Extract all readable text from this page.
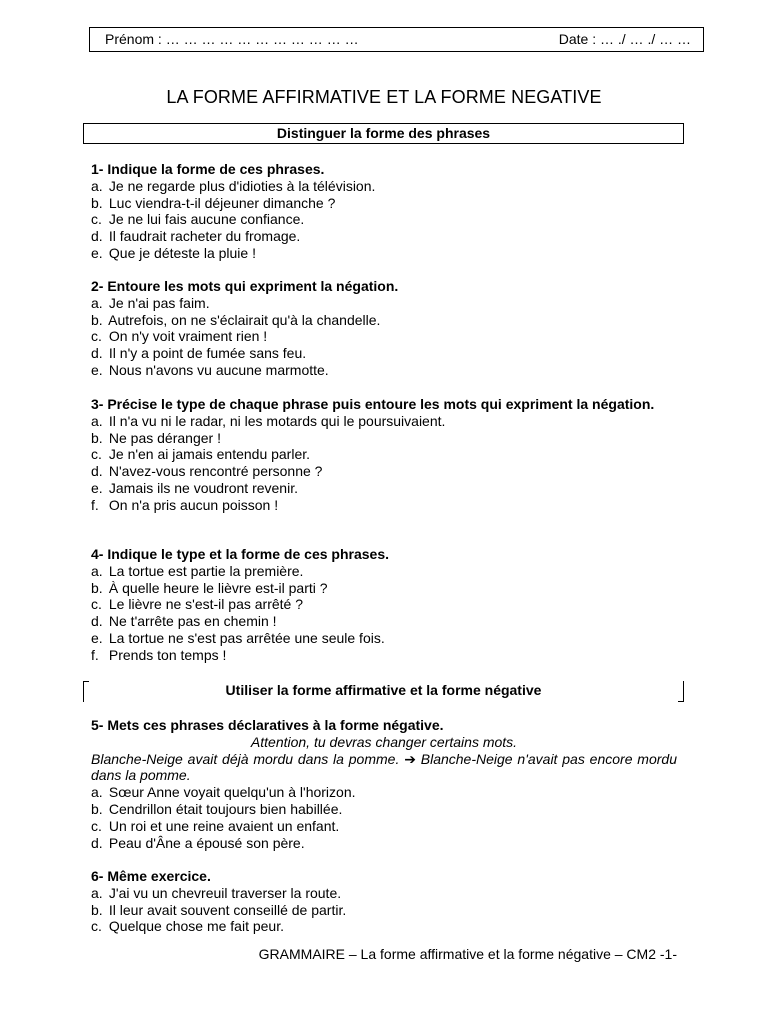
Prénom : … … … … … … … … … … …	Date : … ./ … ./ … …
LA FORME AFFIRMATIVE ET LA FORME NEGATIVE
Distinguer la forme des phrases
1- Indique la forme de ces phrases.
a. Je ne regarde plus d'idioties à la télévision.
b. Luc viendra-t-il déjeuner dimanche ?
c. Je ne lui fais aucune confiance.
d. Il faudrait racheter du fromage.
e. Que je déteste la pluie !
2- Entoure les mots qui expriment la négation.
a. Je n'ai pas faim.
b. Autrefois, on ne s'éclairait qu'à la chandelle.
c. On n'y voit vraiment rien !
d. Il n'y a point de fumée sans feu.
e. Nous n'avons vu aucune marmotte.
3- Précise le type de chaque phrase puis entoure les mots qui expriment la négation.
a. Il n'a vu ni le radar, ni les motards qui le poursuivaient.
b. Ne pas déranger !
c. Je n'en ai jamais entendu parler.
d. N'avez-vous rencontré personne ?
e. Jamais ils ne voudront revenir.
f. On n'a pris aucun poisson !
4- Indique le type et la forme de ces phrases.
a. La tortue est partie la première.
b. À quelle heure le lièvre est-il parti ?
c. Le lièvre ne s'est-il pas arrêté ?
d. Ne t'arrête pas en chemin !
e. La tortue ne s'est pas arrêtée une seule fois.
f. Prends ton temps !
Utiliser la forme affirmative et la forme négative
5- Mets ces phrases déclaratives à la forme négative.
Attention, tu devras changer certains mots.
Blanche-Neige avait déjà mordu dans la pomme. ➔ Blanche-Neige n'avait pas encore mordu dans la pomme.
a. Sœur Anne voyait quelqu'un à l'horizon.
b. Cendrillon était toujours bien habillée.
c. Un roi et une reine avaient un enfant.
d. Peau d'Âne a épousé son père.
6- Même exercice.
a. J'ai vu un chevreuil traverser la route.
b. Il leur avait souvent conseillé de partir.
c. Quelque chose me fait peur.
GRAMMAIRE – La forme affirmative et la forme négative – CM2 -1-
